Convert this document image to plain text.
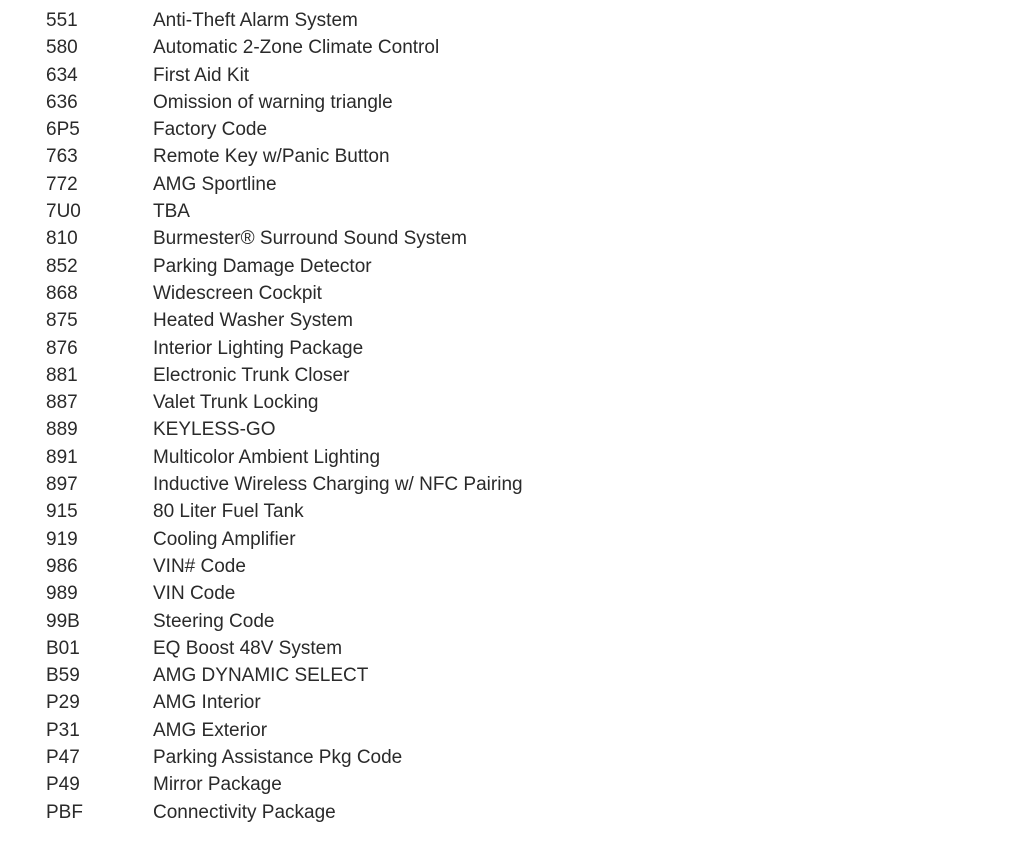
551	Anti-Theft Alarm System
580	Automatic 2-Zone Climate Control
634	First Aid Kit
636	Omission of warning triangle
6P5	Factory Code
763	Remote Key w/Panic Button
772	AMG Sportline
7U0	TBA
810	Burmester® Surround Sound System
852	Parking Damage Detector
868	Widescreen Cockpit
875	Heated Washer System
876	Interior Lighting Package
881	Electronic Trunk Closer
887	Valet Trunk Locking
889	KEYLESS-GO
891	Multicolor Ambient Lighting
897	Inductive Wireless Charging w/ NFC Pairing
915	80 Liter Fuel Tank
919	Cooling Amplifier
986	VIN# Code
989	VIN Code
99B	Steering Code
B01	EQ Boost 48V System
B59	AMG DYNAMIC SELECT
P29	AMG Interior
P31	AMG Exterior
P47	Parking Assistance Pkg Code
P49	Mirror Package
PBF	Connectivity Package
